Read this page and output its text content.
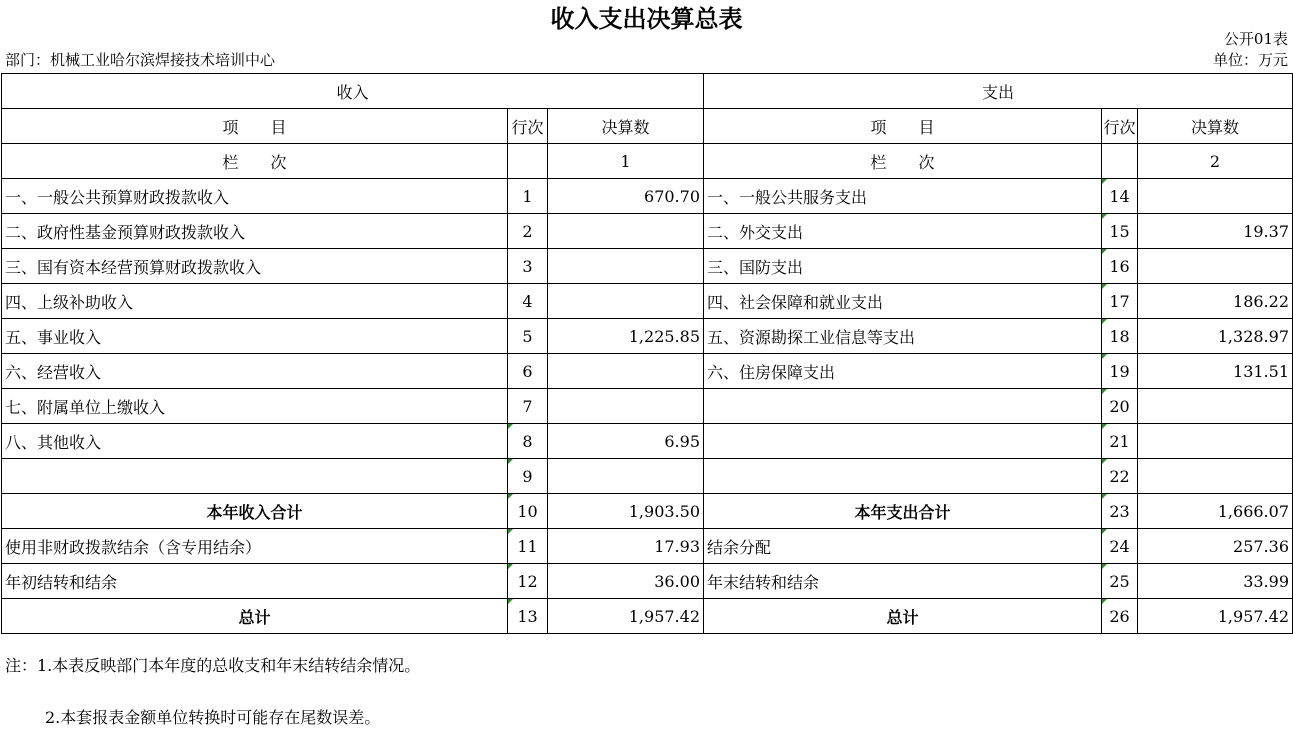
收入支出决算总表
公开01表
部门：机械工业哈尔滨焊接技术培训中心	单位：万元
收入			支出		
项　　目	行次	决算数	项　　目	行次	决算数
栏　　次		1	栏　　次		2
一、一般公共预算财政拨款收入	1	670.70	一、一般公共服务支出	14	
二、政府性基金预算财政拨款收入	2		二、外交支出	15	19.37
三、国有资本经营预算财政拨款收入	3		三、国防支出	16	
四、上级补助收入	4		四、社会保障和就业支出	17	186.22
五、事业收入	5	1,225.85	五、资源勘探工业信息等支出	18	1,328.97
六、经营收入	6		六、住房保障支出	19	131.51
七、附属单位上缴收入	7			20	
八、其他收入	8	6.95		21	
	9			22	
本年收入合计	10	1,903.50	本年支出合计	23	1,666.07
使用非财政拨款结余（含专用结余）	11	17.93	结余分配	24	257.36
年初结转和结余	12	36.00	年末结转和结余	25	33.99
总计	13	1,957.42	总计	26	1,957.42
注：1.本表反映部门本年度的总收支和年末结转结余情况。
2.本套报表金额单位转换时可能存在尾数误差。
